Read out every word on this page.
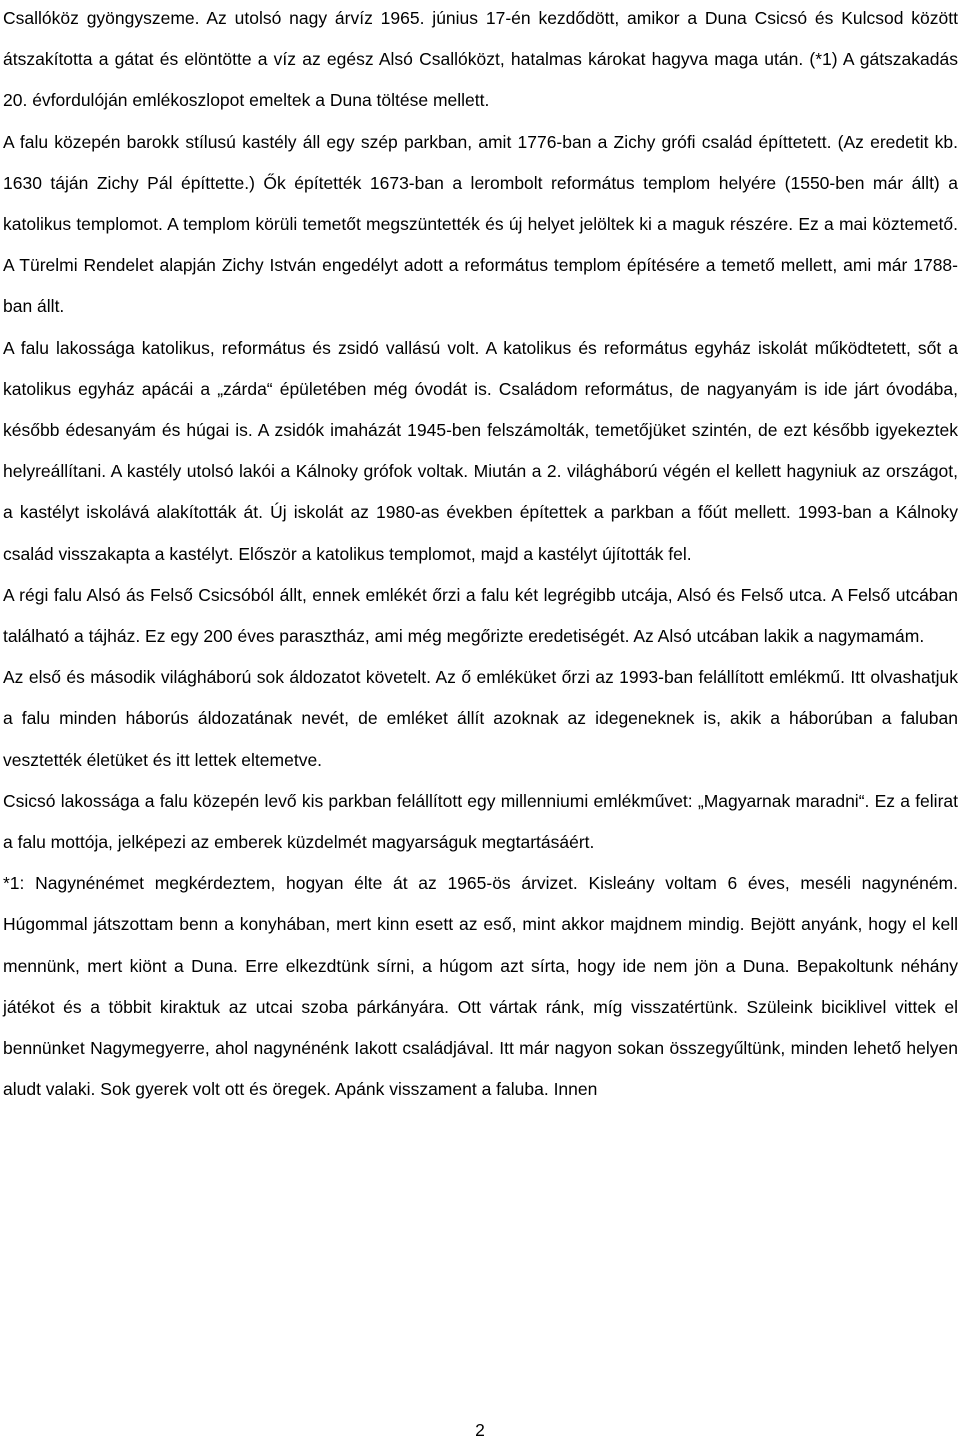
Csallóköz gyöngyszeme. Az utolsó nagy árvíz 1965. június 17-én kezdődött, amikor a Duna Csicsó és Kulcsod között átszakította a gátat és elöntötte a víz az egész Alsó Csallóközt, hatalmas károkat hagyva maga után. (*1) A gátszakadás 20. évfordulóján emlékoszlopot emeltek a Duna töltése mellett.

A falu közepén barokk stílusú kastély áll egy szép parkban, amit 1776-ban a Zichy grófi család építtetett. (Az eredetit kb. 1630 táján Zichy Pál építtette.) Ők építették 1673-ban a lerombolt református templom helyére (1550-ben már állt) a katolikus templomot. A templom körüli temetőt megszüntették és új helyet jelöltek ki a maguk részére. Ez a mai köztemető. A Türelmi Rendelet alapján Zichy István engedélyt adott a református templom építésére a temető mellett, ami már 1788-ban állt.

A falu lakossága katolikus, református és zsidó vallású volt. A katolikus és református egyház iskolát működtetett, sőt a katolikus egyház apácái a „zárda“ épületében még óvodát is. Családom református, de nagyanyám is ide járt óvodába, később édesanyám és húgai is. A zsidók imaházát 1945-ben felszámolták, temetőjüket szintén, de ezt később igyekeztek helyreállítani. A kastély utolsó lakói a Kálnoky grófok voltak. Miután a 2. világháború végén el kellett hagyniuk az országot, a kastélyt iskolává alakították át. Új iskolát az 1980-as években építettek a parkban a főút mellett. 1993-ban a Kálnoky család visszakapta a kastélyt. Először a katolikus templomot, majd a kastélyt újították fel.

A régi falu Alsó ás Felső Csicsóból állt, ennek emlékét őrzi a falu két legrégibb utcája, Alsó és Felső utca. A Felső utcában található a tájház. Ez egy 200 éves parasztház, ami még megőrizte eredetiségét. Az Alsó utcában lakik a nagymamám.

Az első és második világháború sok áldozatot követelt. Az ő emléküket őrzi az 1993-ban felállított emlékmű. Itt olvashatjuk a falu minden háborús áldozatának nevét, de emléket állít azoknak az idegeneknek is, akik a háborúban a faluban vesztették életüket és itt lettek eltemetve.

Csicsó lakossága a falu közepén levő kis parkban felállított egy millenniumi emlékművet: „Magyarnak maradni“. Ez a felirat a falu mottója, jelképezi az emberek küzdelmét magyarságuk megtartásáért.

*1: Nagynénémet megkérdeztem, hogyan élte át az 1965-ös árvizet. Kisleány voltam 6 éves, meséli nagynéném. Húgommal játszottam benn a konyhában, mert kinn esett az eső, mint akkor majdnem mindig. Bejött anyánk, hogy el kell mennünk, mert kiönt a Duna. Erre elkezdtünk sírni, a húgom azt sírta, hogy ide nem jön a Duna. Bepakoltunk néhány játékot és a többit kiraktuk az utcai szoba párkányára. Ott vártak ránk, míg visszatértünk. Szüleink biciklivel vittek el bennünket Nagymegyerre, ahol nagynénénk Iakott családjával. Itt már nagyon sokan összegyűltünk, minden lehető helyen aludt valaki. Sok gyerek volt ott és öregek. Apánk visszament a faluba. Innen

2
